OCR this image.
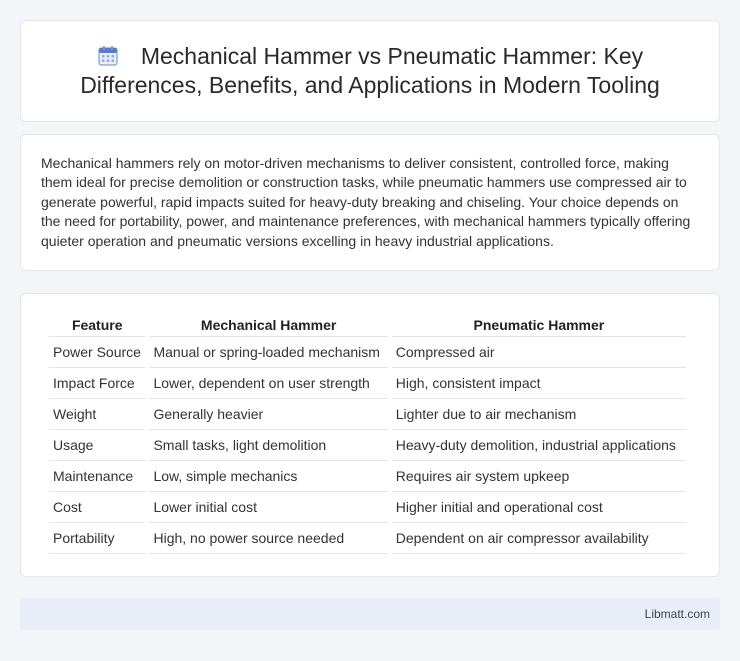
Mechanical Hammer vs Pneumatic Hammer: Key Differences, Benefits, and Applications in Modern Tooling

Mechanical hammers rely on motor-driven mechanisms to deliver consistent, controlled force, making them ideal for precise demolition or construction tasks, while pneumatic hammers use compressed air to generate powerful, rapid impacts suited for heavy-duty breaking and chiseling. Your choice depends on the need for portability, power, and maintenance preferences, with mechanical hammers typically offering quieter operation and pneumatic versions excelling in heavy industrial applications.

Feature	Mechanical Hammer	Pneumatic Hammer
Power Source	Manual or spring-loaded mechanism	Compressed air
Impact Force	Lower, dependent on user strength	High, consistent impact
Weight	Generally heavier	Lighter due to air mechanism
Usage	Small tasks, light demolition	Heavy-duty demolition, industrial applications
Maintenance	Low, simple mechanics	Requires air system upkeep
Cost	Lower initial cost	Higher initial and operational cost
Portability	High, no power source needed	Dependent on air compressor availability
Libmatt.com
